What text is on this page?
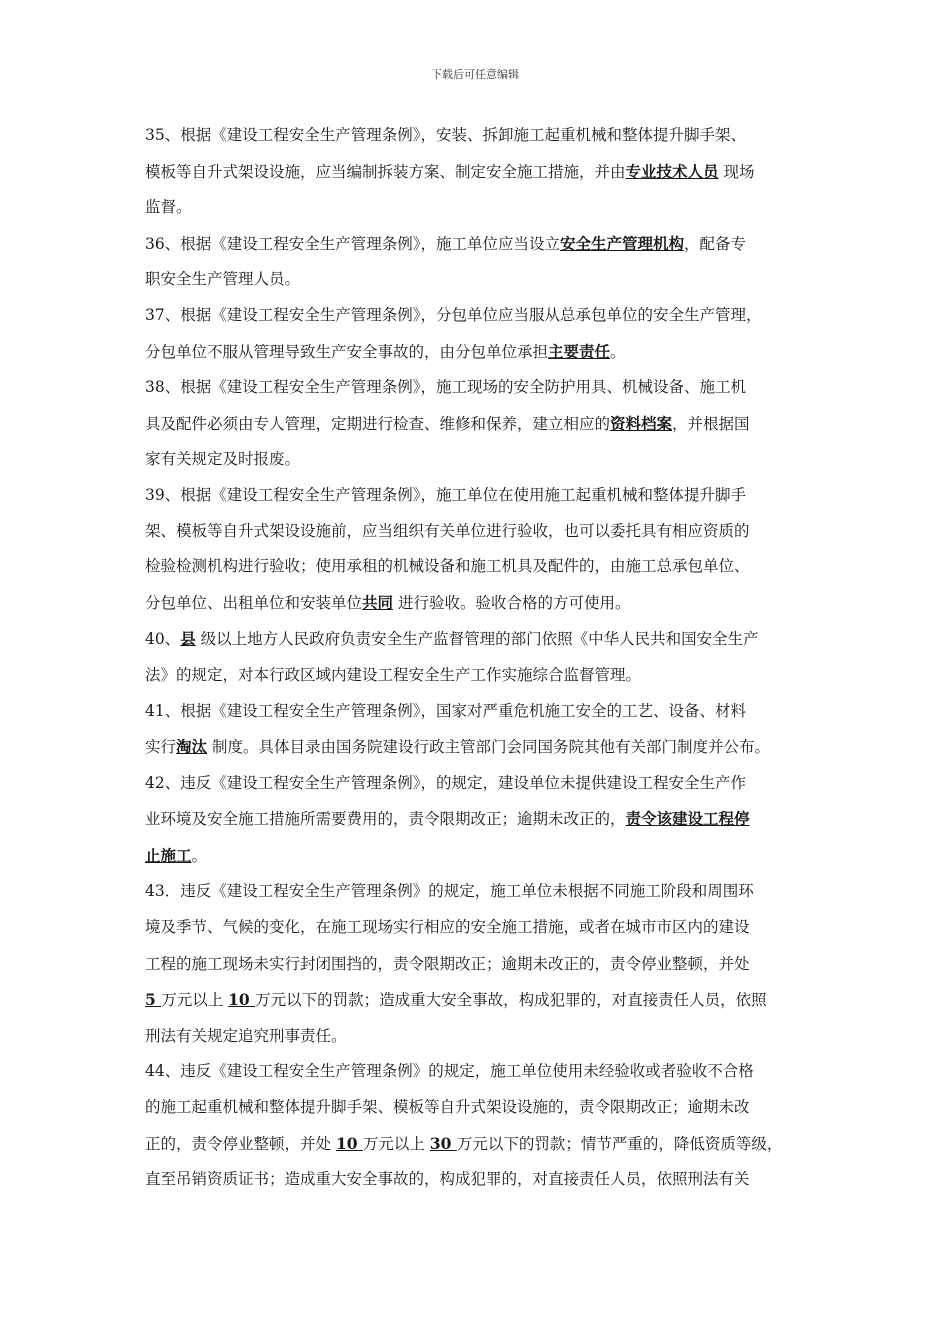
下载后可任意编辑

35、根据《建设工程安全生产管理条例》，安装、拆卸施工起重机械和整体提升脚手架、
模板等自升式架设设施，应当编制拆装方案、制定安全施工措施，并由专业技术人员 现场
监督。

36、根据《建设工程安全生产管理条例》，施工单位应当设立安全生产管理机构，配备专
职安全生产管理人员。

37、根据《建设工程安全生产管理条例》，分包单位应当服从总承包单位的安全生产管理，
分包单位不服从管理导致生产安全事故的，由分包单位承担主要责任。

38、根据《建设工程安全生产管理条例》，施工现场的安全防护用具、机械设备、施工机
具及配件必须由专人管理，定期进行检查、维修和保养，建立相应的资料档案，并根据国
家有关规定及时报废。

39、根据《建设工程安全生产管理条例》，施工单位在使用施工起重机械和整体提升脚手
架、模板等自升式架设设施前，应当组织有关单位进行验收，也可以委托具有相应资质的
检验检测机构进行验收；使用承租的机械设备和施工机具及配件的，由施工总承包单位、
分包单位、出租单位和安装单位共同 进行验收。验收合格的方可使用。

40、县 级以上地方人民政府负责安全生产监督管理的部门依照《中华人民共和国安全生产
法》的规定，对本行政区域内建设工程安全生产工作实施综合监督管理。

41、根据《建设工程安全生产管理条例》，国家对严重危机施工安全的工艺、设备、材料
实行淘汰 制度。具体目录由国务院建设行政主管部门会同国务院其他有关部门制度并公布。

42、违反《建设工程安全生产管理条例》，的规定，建设单位未提供建设工程安全生产作
业环境及安全施工措施所需要费用的，责令限期改正；逾期未改正的，责令该建设工程停
止施工。

43．违反《建设工程安全生产管理条例》的规定，施工单位未根据不同施工阶段和周围环
境及季节、气候的变化，在施工现场实行相应的安全施工措施，或者在城市市区内的建设
工程的施工现场未实行封闭围挡的，责令限期改正；逾期未改正的，责令停业整顿，并处
5 万元以上 10 万元以下的罚款；造成重大安全事故，构成犯罪的，对直接责任人员，依照
刑法有关规定追究刑事责任。

44、违反《建设工程安全生产管理条例》的规定，施工单位使用未经验收或者验收不合格
的施工起重机械和整体提升脚手架、模板等自升式架设设施的，责令限期改正；逾期未改
正的，责令停业整顿，并处 10 万元以上 30 万元以下的罚款；情节严重的，降低资质等级，
直至吊销资质证书；造成重大安全事故的，构成犯罪的，对直接责任人员，依照刑法有关
